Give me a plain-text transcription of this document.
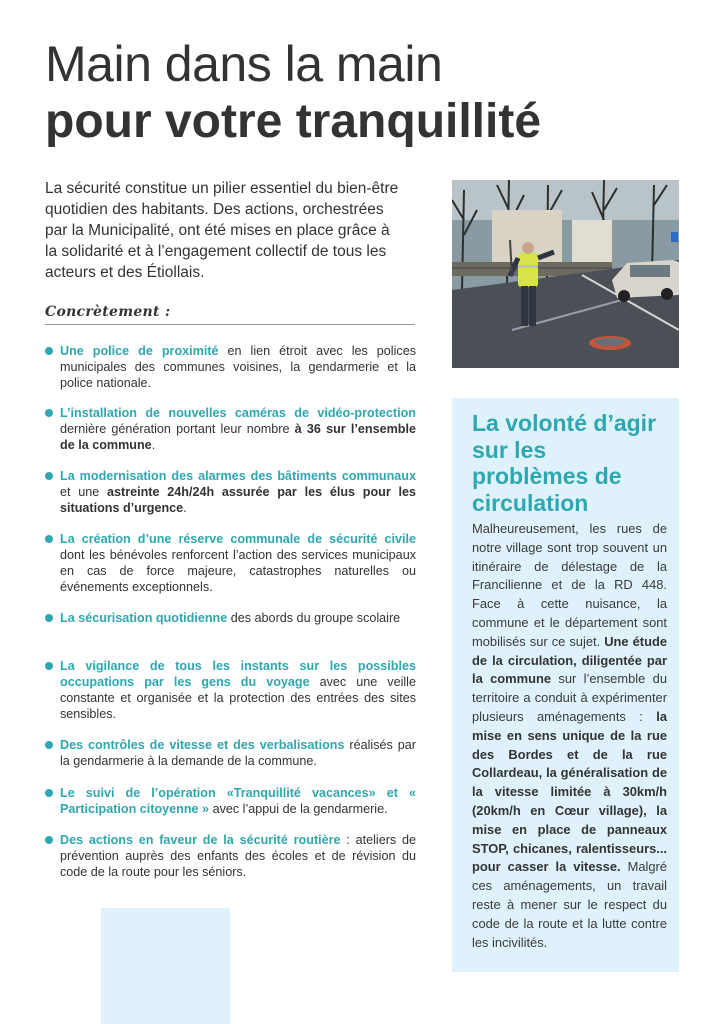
Main dans la main
pour votre tranquillité

La sécurité constitue un pilier essentiel du bien-être quotidien des habitants. Des actions, orchestrées par la Municipalité, ont été mises en place grâce à la solidarité et à l’engagement collectif de tous les acteurs et des Étiollais.

Concrètement :
Une police de proximité en lien étroit avec les polices municipales des communes voisines, la gendarmerie et la police nationale.
L’installation de nouvelles caméras de vidéo-protection dernière génération portant leur nombre à 36 sur l’ensemble de la commune.
La modernisation des alarmes des bâtiments communaux et une astreinte 24h/24h assurée par les élus pour les situations d’urgence.
La création d’une réserve communale de sécurité civile dont les bénévoles renforcent l’action des services municipaux en cas de force majeure, catastrophes naturelles ou événements exceptionnels.
La sécurisation quotidienne des abords du groupe scolaire
La vigilance de tous les instants sur les possibles occupations par les gens du voyage avec une veille constante et organisée et la protection des entrées des sites sensibles.
Des contrôles de vitesse et des verbalisations réalisés par la gendarmerie à la demande de la commune.
Le suivi de l’opération «Tranquillité vacances» et « Participation citoyenne » avec l’appui de la gendarmerie.
Des actions en faveur de la sécurité routière : ateliers de prévention auprès des enfants des écoles et de révision du code de la route pour les séniors.
La volonté d’agir sur les problèmes de circulation

Malheureusement, les rues de notre village sont trop souvent un itinéraire de délestage de la Francilienne et de la RD 448. Face à cette nuisance, la commune et le département sont mobilisés sur ce sujet. Une étude de la circulation, diligentée par la commune sur l’ensemble du territoire a conduit à expérimenter plusieurs aménagements : la mise en sens unique de la rue des Bordes et de la rue Collardeau, la généralisation de la vitesse limitée à 30km/h (20km/h en Cœur village), la mise en place de panneaux STOP, chicanes, ralentisseurs... pour casser la vitesse. Malgré ces aménagements, un travail reste à mener sur le respect du code de la route et la lutte contre les incivilités.
